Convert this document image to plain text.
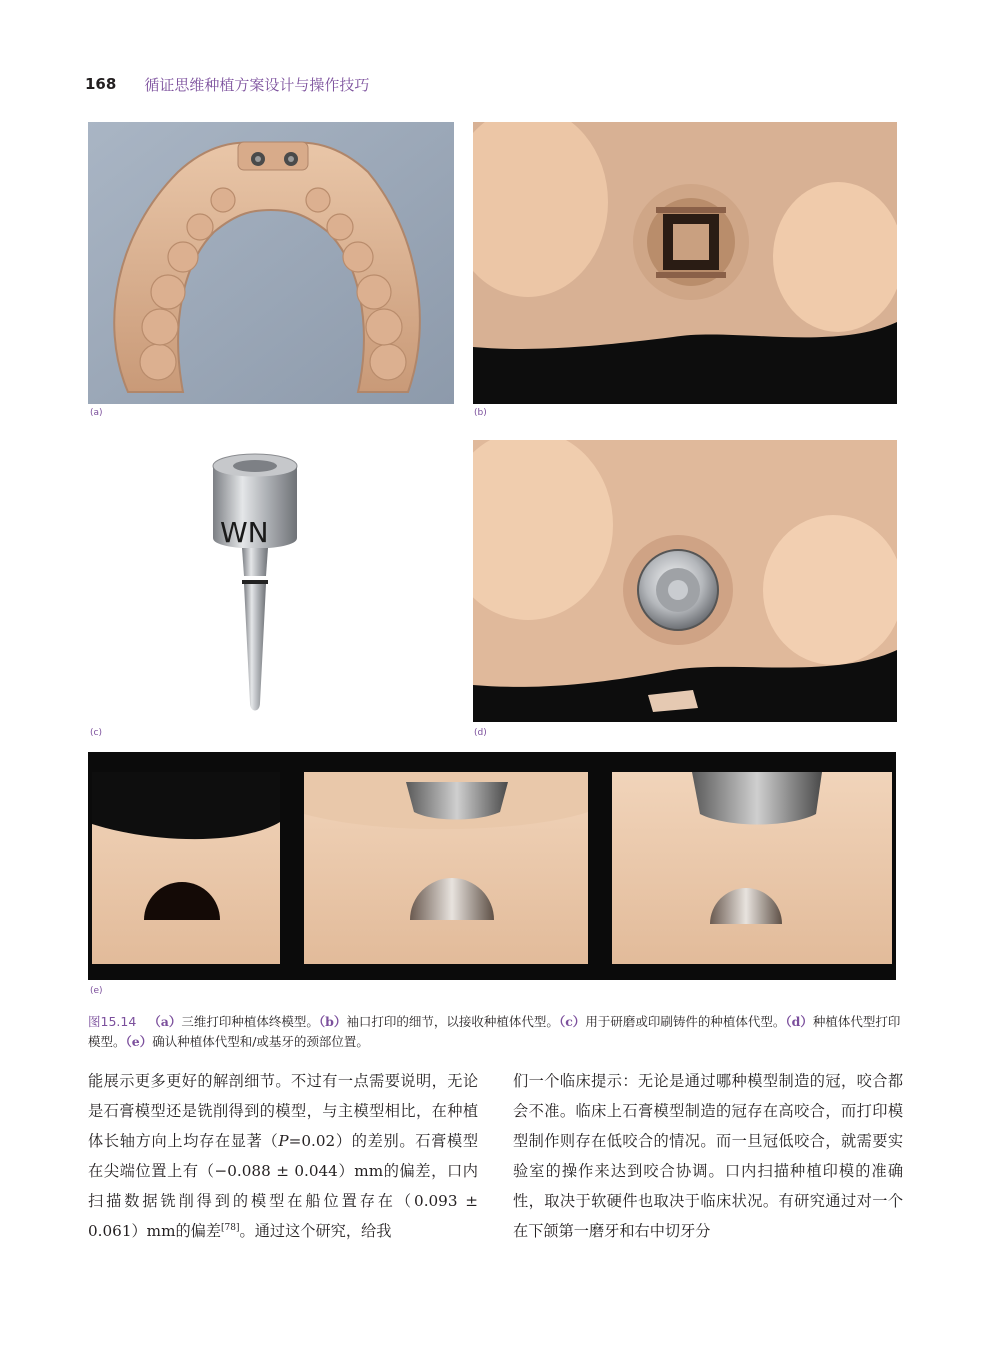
168 循证思维种植方案设计与操作技巧
(a)	(b)
WN
(c)	(d)
(e)
图15.14 （a）三维打印种植体终模型。（b）袖口打印的细节，以接收种植体代型。（c）用于研磨或印刷铸件的种植体代型。（d）种植体代型打印模型。（e）确认种植体代型和/或基牙的颈部位置。
能展示更多更好的解剖细节。不过有一点需要说明，无论是石膏模型还是铣削得到的模型，与主模型相比，在种植体长轴方向上均存在显著（P=0.02）的差别。石膏模型在尖端位置上有（−0.088 ± 0.044）mm的偏差，口内扫描数据铣削得到的模型在船位置存在（0.093 ± 0.061）mm的偏差[78]。通过这个研究，给我
们一个临床提示：无论是通过哪种模型制造的冠，咬合都会不准。临床上石膏模型制造的冠存在高咬合，而打印模型制作则存在低咬合的情况。而一旦冠低咬合，就需要实验室的操作来达到咬合协调。口内扫描种植印模的准确性，取决于软硬件也取决于临床状况。有研究通过对一个在下颌第一磨牙和右中切牙分
